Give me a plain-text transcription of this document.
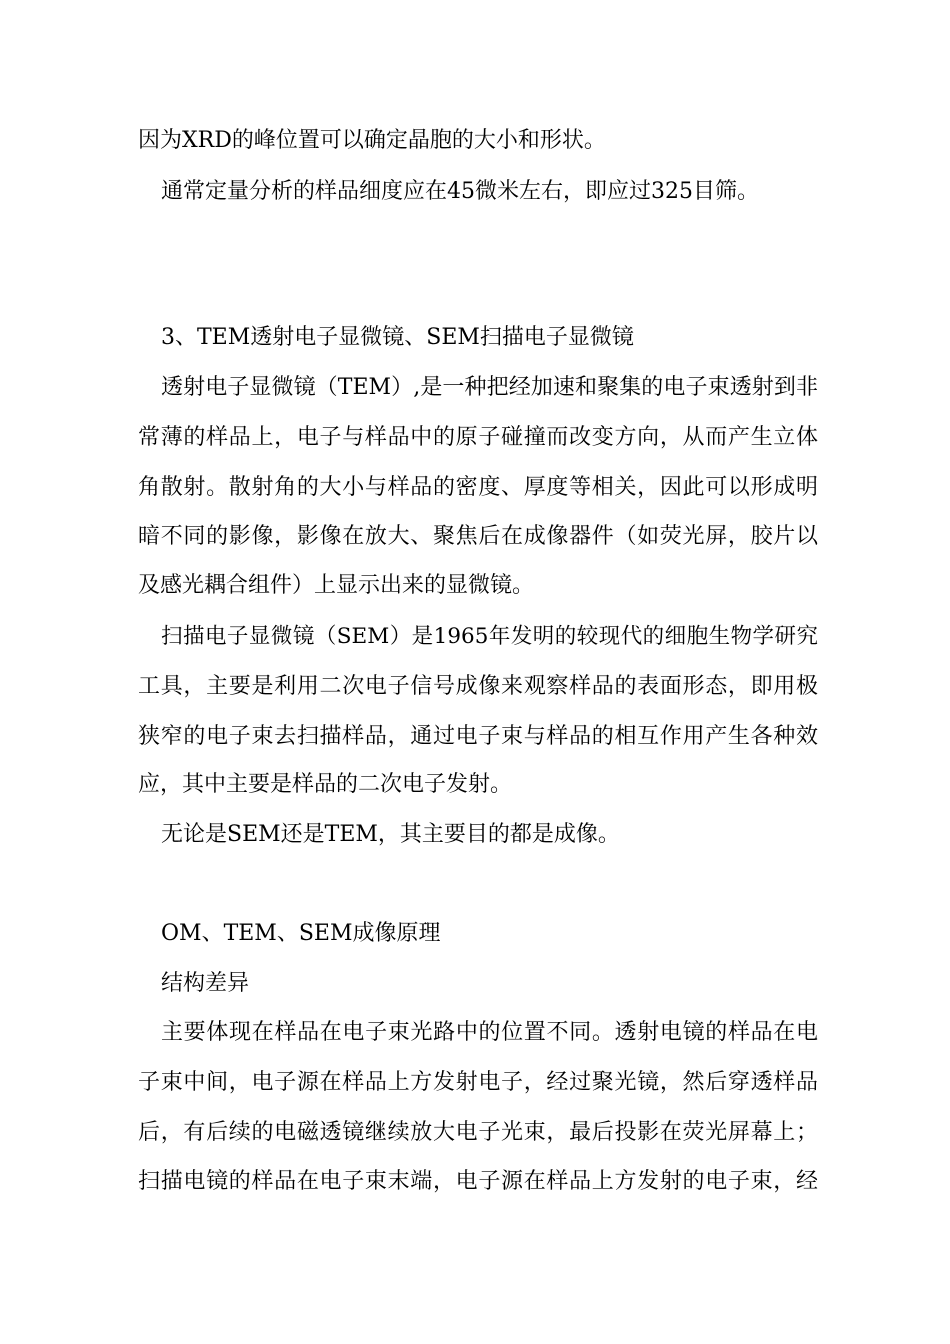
因为XRD的峰位置可以确定晶胞的大小和形状。
通常定量分析的样品细度应在45微米左右，即应过325目筛。
3、TEM透射电子显微镜、SEM扫描电子显微镜
透射电子显微镜（TEM）,是一种把经加速和聚集的电子束透射到非
常薄的样品上，电子与样品中的原子碰撞而改变方向，从而产生立体
角散射。散射角的大小与样品的密度、厚度等相关，因此可以形成明
暗不同的影像，影像在放大、聚焦后在成像器件（如荧光屏，胶片以
及感光耦合组件）上显示出来的显微镜。
扫描电子显微镜（SEM）是1965年发明的较现代的细胞生物学研究
工具，主要是利用二次电子信号成像来观察样品的表面形态，即用极
狭窄的电子束去扫描样品，通过电子束与样品的相互作用产生各种效
应，其中主要是样品的二次电子发射。
无论是SEM还是TEM，其主要目的都是成像。
OM、TEM、SEM成像原理
结构差异
主要体现在样品在电子束光路中的位置不同。透射电镜的样品在电
子束中间，电子源在样品上方发射电子，经过聚光镜，然后穿透样品
后，有后续的电磁透镜继续放大电子光束，最后投影在荧光屏幕上；
扫描电镜的样品在电子束末端，电子源在样品上方发射的电子束，经
